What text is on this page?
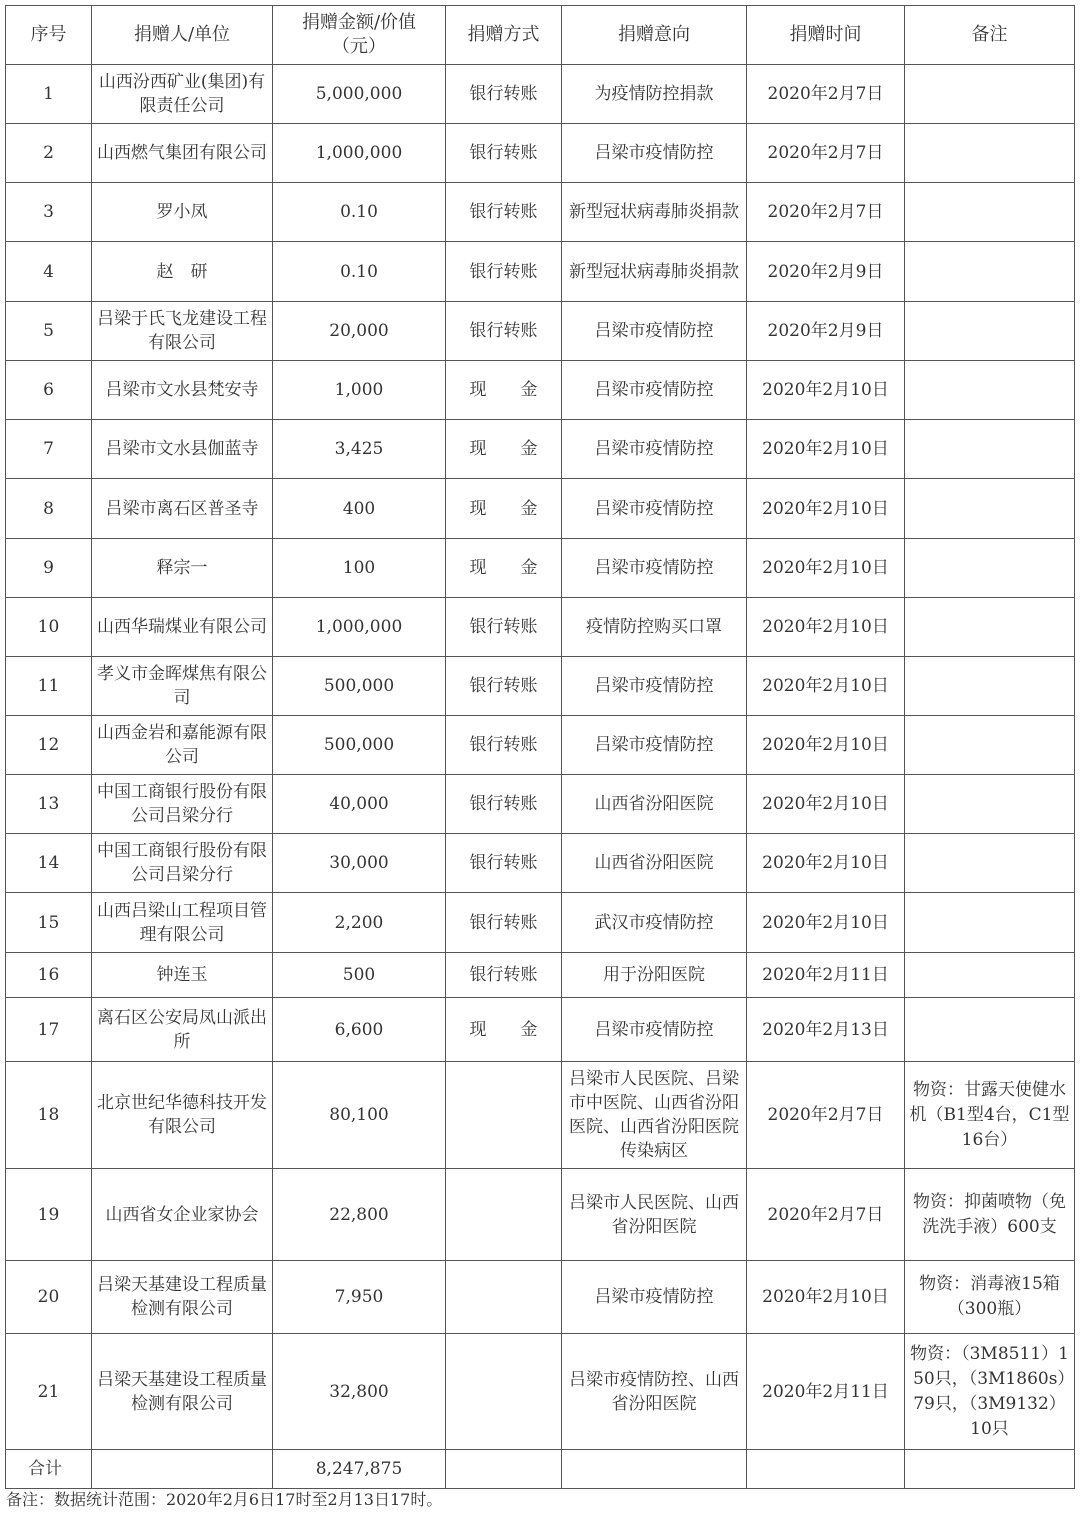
序号	捐赠人/单位	捐赠金额/价值（元）	捐赠方式	捐赠意向	捐赠时间	备注
1	山西汾西矿业(集团)有限责任公司	5,000,000	银行转账	为疫情防控捐款	2020年2月7日	
2	山西燃气集团有限公司	1,000,000	银行转账	吕梁市疫情防控	2020年2月7日	
3	罗小凤	0.10	银行转账	新型冠状病毒肺炎捐款	2020年2月7日	
4	赵　研	0.10	银行转账	新型冠状病毒肺炎捐款	2020年2月9日	
5	吕梁于氏飞龙建设工程有限公司	20,000	银行转账	吕梁市疫情防控	2020年2月9日	
6	吕梁市文水县梵安寺	1,000	现　　金	吕梁市疫情防控	2020年2月10日	
7	吕梁市文水县伽蓝寺	3,425	现　　金	吕梁市疫情防控	2020年2月10日	
8	吕梁市离石区普圣寺	400	现　　金	吕梁市疫情防控	2020年2月10日	
9	释宗一	100	现　　金	吕梁市疫情防控	2020年2月10日	
10	山西华瑞煤业有限公司	1,000,000	银行转账	疫情防控购买口罩	2020年2月10日	
11	孝义市金晖煤焦有限公司	500,000	银行转账	吕梁市疫情防控	2020年2月10日	
12	山西金岩和嘉能源有限公司	500,000	银行转账	吕梁市疫情防控	2020年2月10日	
13	中国工商银行股份有限公司吕梁分行	40,000	银行转账	山西省汾阳医院	2020年2月10日	
14	中国工商银行股份有限公司吕梁分行	30,000	银行转账	山西省汾阳医院	2020年2月10日	
15	山西吕梁山工程项目管理有限公司	2,200	银行转账	武汉市疫情防控	2020年2月10日	
16	钟连玉	500	银行转账	用于汾阳医院	2020年2月11日	
17	离石区公安局凤山派出所	6,600	现　　金	吕梁市疫情防控	2020年2月13日	
18	北京世纪华德科技开发有限公司	80,100		吕梁市人民医院、吕梁市中医院、山西省汾阳医院、山西省汾阳医院传染病区	2020年2月7日	物资：甘露天使健水机（B1型4台，C1型16台）
19	山西省女企业家协会	22,800		吕梁市人民医院、山西省汾阳医院	2020年2月7日	物资：抑菌喷物（免洗洗手液）600支
20	吕梁天基建设工程质量检测有限公司	7,950		吕梁市疫情防控	2020年2月10日	物资：消毒液15箱（300瓶）
21	吕梁天基建设工程质量检测有限公司	32,800		吕梁市疫情防控、山西省汾阳医院	2020年2月11日	物资：（3M8511）150只，（3M1860s）79只，（3M9132）10只
合计		8,247,875				
备注：数据统计范围：2020年2月6日17时至2月13日17时。
